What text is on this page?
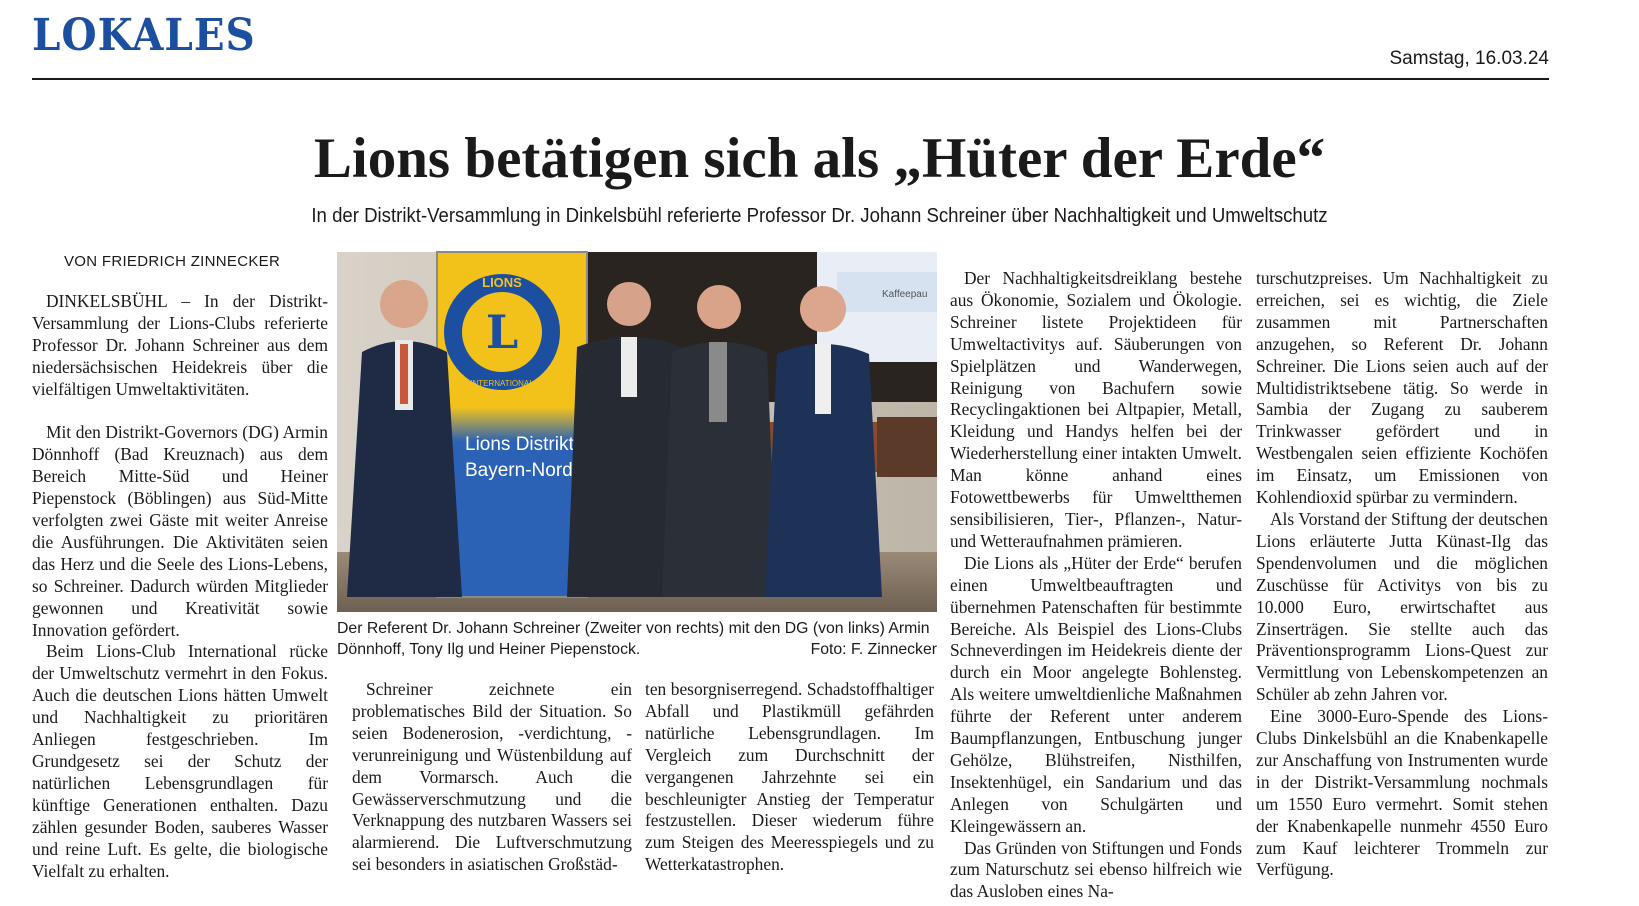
LOKALES	Samstag, 16.03.24
Lions betätigen sich als „Hüter der Erde“
In der Distrikt-Versammlung in Dinkelsbühl referierte Professor Dr. Johann Schreiner über Nachhaltigkeit und Umweltschutz
VON FRIEDRICH ZINNECKER

DINKELSBÜHL – In der Distrikt-Versammlung der Lions-Clubs referierte Professor Dr. Johann Schreiner aus dem niedersächsischen Heidekreis über die vielfältigen Umweltaktivitäten.

Mit den Distrikt-Governors (DG) Armin Dönnhoff (Bad Kreuznach) aus dem Bereich Mitte-Süd und Heiner Piepenstock (Böblingen) aus Süd-Mitte verfolgten zwei Gäste mit weiter Anreise die Ausführungen. Die Aktivitäten seien das Herz und die Seele des Lions-Lebens, so Schreiner. Dadurch würden Mitglieder gewonnen und Kreativität sowie Innovation gefördert.

Beim Lions-Club International rücke der Umweltschutz vermehrt in den Fokus. Auch die deutschen Lions hätten Umwelt und Nachhaltigkeit zu prioritären Anliegen festgeschrieben. Im Grundgesetz sei der Schutz der natürlichen Lebensgrundlagen für künftige Generationen enthalten. Dazu zählen gesunder Boden, sauberes Wasser und reine Luft. Es gelte, die biologische Vielfalt zu erhalten.

Kaffeepau
L
LIONS
INTERNATIONAL
Lions Distrikt
Bayern-Nord
Der Referent Dr. Johann Schreiner (Zweiter von rechts) mit den DG (von links) Armin Dönnhoff, Tony Ilg und Heiner Piepenstock.	Foto: F. Zinnecker

Schreiner zeichnete ein problematisches Bild der Situation. So seien Bodenerosion, -verdichtung, -verunreinigung und Wüstenbildung auf dem Vormarsch. Auch die Gewässerverschmutzung und die Verknappung des nutzbaren Wassers sei alarmierend. Die Luftverschmutzung sei besonders in asiatischen Großstäd-

ten besorgniserregend. Schadstoffhaltiger Abfall und Plastikmüll gefährden natürliche Lebensgrundlagen. Im Vergleich zum Durchschnitt der vergangenen Jahrzehnte sei ein beschleunigter Anstieg der Temperatur festzustellen. Dieser wiederum führe zum Steigen des Meeresspiegels und zu Wetterkatastrophen.

Der Nachhaltigkeitsdreiklang bestehe aus Ökonomie, Sozialem und Ökologie. Schreiner listete Projektideen für Umweltactivitys auf. Säuberungen von Spielplätzen und Wanderwegen, Reinigung von Bachufern sowie Recyclingaktionen bei Altpapier, Metall, Kleidung und Handys helfen bei der Wiederherstellung einer intakten Umwelt. Man könne anhand eines Fotowettbewerbs für Umweltthemen sensibilisieren, Tier-, Pflanzen-, Natur- und Wetteraufnahmen prämieren.

Die Lions als „Hüter der Erde“ berufen einen Umweltbeauftragten und übernehmen Patenschaften für bestimmte Bereiche. Als Beispiel des Lions-Clubs Schneverdingen im Heidekreis diente der durch ein Moor angelegte Bohlensteg. Als weitere umweltdienliche Maßnahmen führte der Referent unter anderem Baumpflanzungen, Entbuschung junger Gehölze, Blühstreifen, Nisthilfen, Insektenhügel, ein Sandarium und das Anlegen von Schulgärten und Kleingewässern an.

Das Gründen von Stiftungen und Fonds zum Naturschutz sei ebenso hilfreich wie das Ausloben eines Na-

turschutzpreises. Um Nachhaltigkeit zu erreichen, sei es wichtig, die Ziele zusammen mit Partnerschaften anzugehen, so Referent Dr. Johann Schreiner. Die Lions seien auch auf der Multidistriktsebene tätig. So werde in Sambia der Zugang zu sauberem Trinkwasser gefördert und in Westbengalen seien effiziente Kochöfen im Einsatz, um Emissionen von Kohlendioxid spürbar zu vermindern.

Als Vorstand der Stiftung der deutschen Lions erläuterte Jutta Künast-Ilg das Spendenvolumen und die möglichen Zuschüsse für Activitys von bis zu 10.000 Euro, erwirtschaftet aus Zinserträgen. Sie stellte auch das Präventionsprogramm Lions-Quest zur Vermittlung von Lebenskompetenzen an Schüler ab zehn Jahren vor.

Eine 3000-Euro-Spende des Lions-Clubs Dinkelsbühl an die Knabenkapelle zur Anschaffung von Instrumenten wurde in der Distrikt-Versammlung nochmals um 1550 Euro vermehrt. Somit stehen der Knabenkapelle nunmehr 4550 Euro zum Kauf leichterer Trommeln zur Verfügung.
